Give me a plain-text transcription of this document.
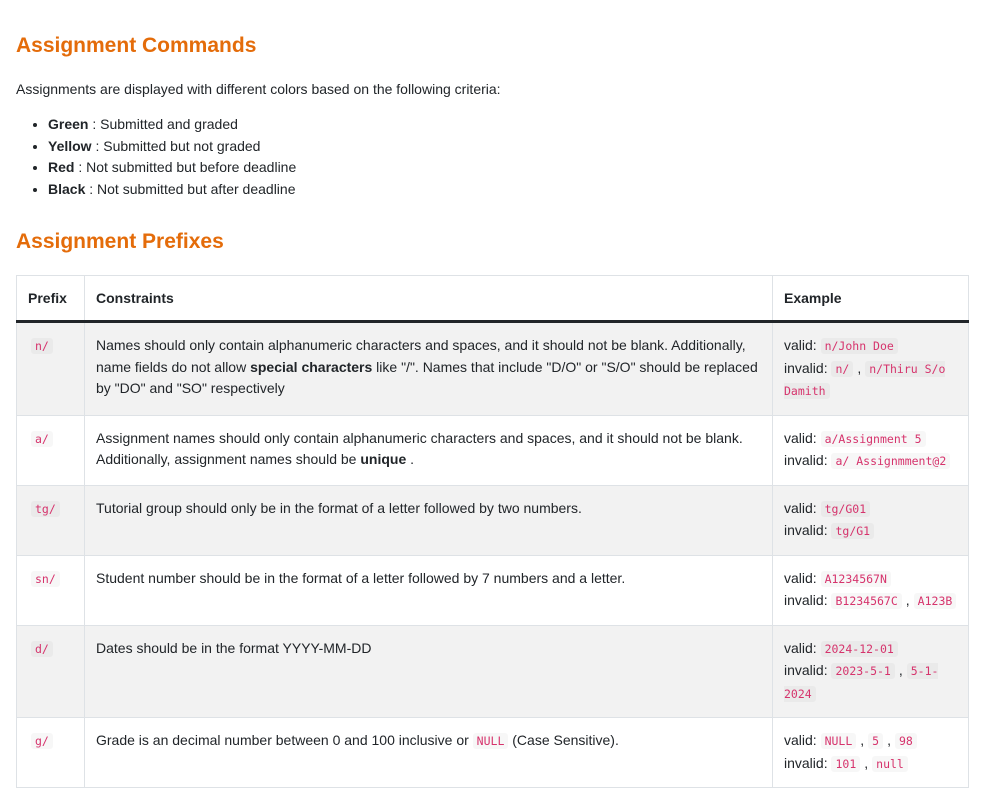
Assignment Commands
Assignments are displayed with different colors based on the following criteria:
• Green : Submitted and graded
• Yellow : Submitted but not graded
• Red : Not submitted but before deadline
• Black : Not submitted but after deadline
Assignment Prefixes
Prefix	Constraints	Example
n/	Names should only contain alphanumeric characters and spaces, and it should not be blank. Additionally, name fields do not allow special characters like "/". Names that include "D/O" or "S/O" should be replaced by "DO" and "SO" respectively	valid: n/John Doe
invalid: n/ , n/Thiru S/o Damith

a/	Assignment names should only contain alphanumeric characters and spaces, and it should not be blank. Additionally, assignment names should be unique .	valid: a/Assignment 5
invalid: a/ Assignmment@2

tg/	Tutorial group should only be in the format of a letter followed by two numbers.	valid: tg/G01
invalid: tg/G1

sn/	Student number should be in the format of a letter followed by 7 numbers and a letter.	valid: A1234567N
invalid: B1234567C , A123B

d/	Dates should be in the format YYYY-MM-DD	valid: 2024-12-01
invalid: 2023-5-1 , 5-1-2024

g/	Grade is an decimal number between 0 and 100 inclusive or NULL (Case Sensitive).	valid: NULL , 5 , 98
invalid: 101 , null
